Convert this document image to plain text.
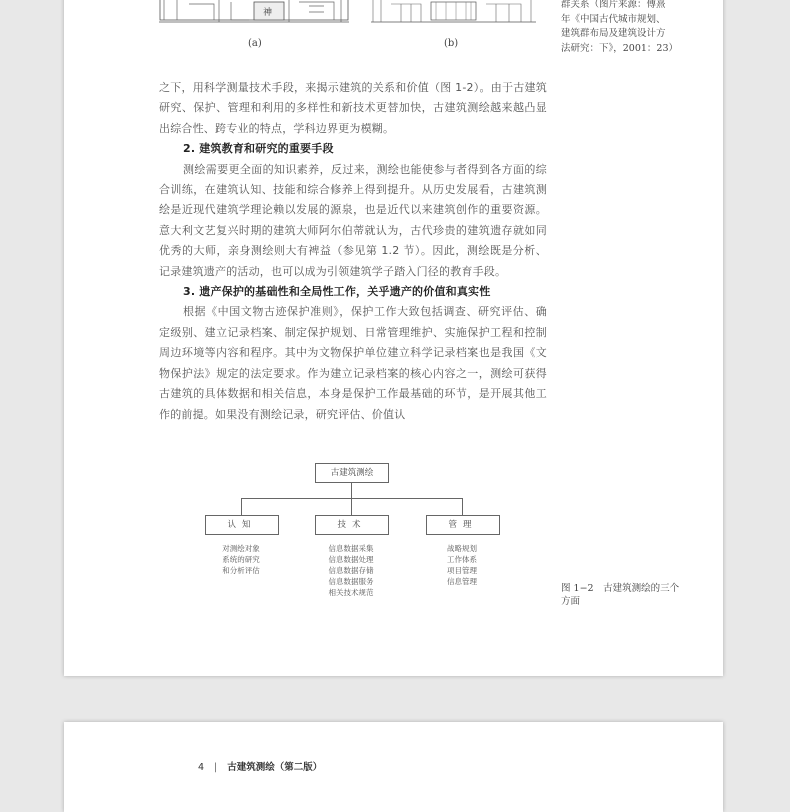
神
(a)	(b)
群关系（图片来源：傅熹
年《中国古代城市规划、
建筑群布局及建筑设计方
法研究：下》，2001：23）

之下，用科学测量技术手段，来揭示建筑的关系和价值（图 1-2）。由于古建筑研究、保护、管理和利用的多样性和新技术更替加快，古建筑测绘越来越凸显出综合性、跨专业的特点，学科边界更为模糊。

2. 建筑教育和研究的重要手段

测绘需要更全面的知识素养，反过来，测绘也能使参与者得到各方面的综合训练，在建筑认知、技能和综合修养上得到提升。从历史发展看，古建筑测绘是近现代建筑学理论赖以发展的源泉，也是近代以来建筑创作的重要资源。意大利文艺复兴时期的建筑大师阿尔伯蒂就认为，古代珍贵的建筑遗存就如同优秀的大师，亲身测绘则大有裨益（参见第 1.2 节）。因此，测绘既是分析、记录建筑遗产的活动，也可以成为引领建筑学子踏入门径的教育手段。

3. 遗产保护的基础性和全局性工作，关乎遗产的价值和真实性

根据《中国文物古迹保护准则》，保护工作大致包括调查、研究评估、确定级别、建立记录档案、制定保护规划、日常管理维护、实施保护工程和控制周边环境等内容和程序。其中为文物保护单位建立科学记录档案也是我国《文物保护法》规定的法定要求。作为建立记录档案的核心内容之一，测绘可获得古建筑的具体数据和相关信息，本身是保护工作最基础的环节，是开展其他工作的前提。如果没有测绘记录，研究评估、价值认

古建筑测绘
认知	技术	管理
对测绘对象
系统的研究
和分析评估
信息数据采集
信息数据处理
信息数据存储
信息数据服务
相关技术规范
战略规划
工作体系
项目管理
信息管理
图 1−2　古建筑测绘的三个方面
4 | 古建筑测绘（第二版）
